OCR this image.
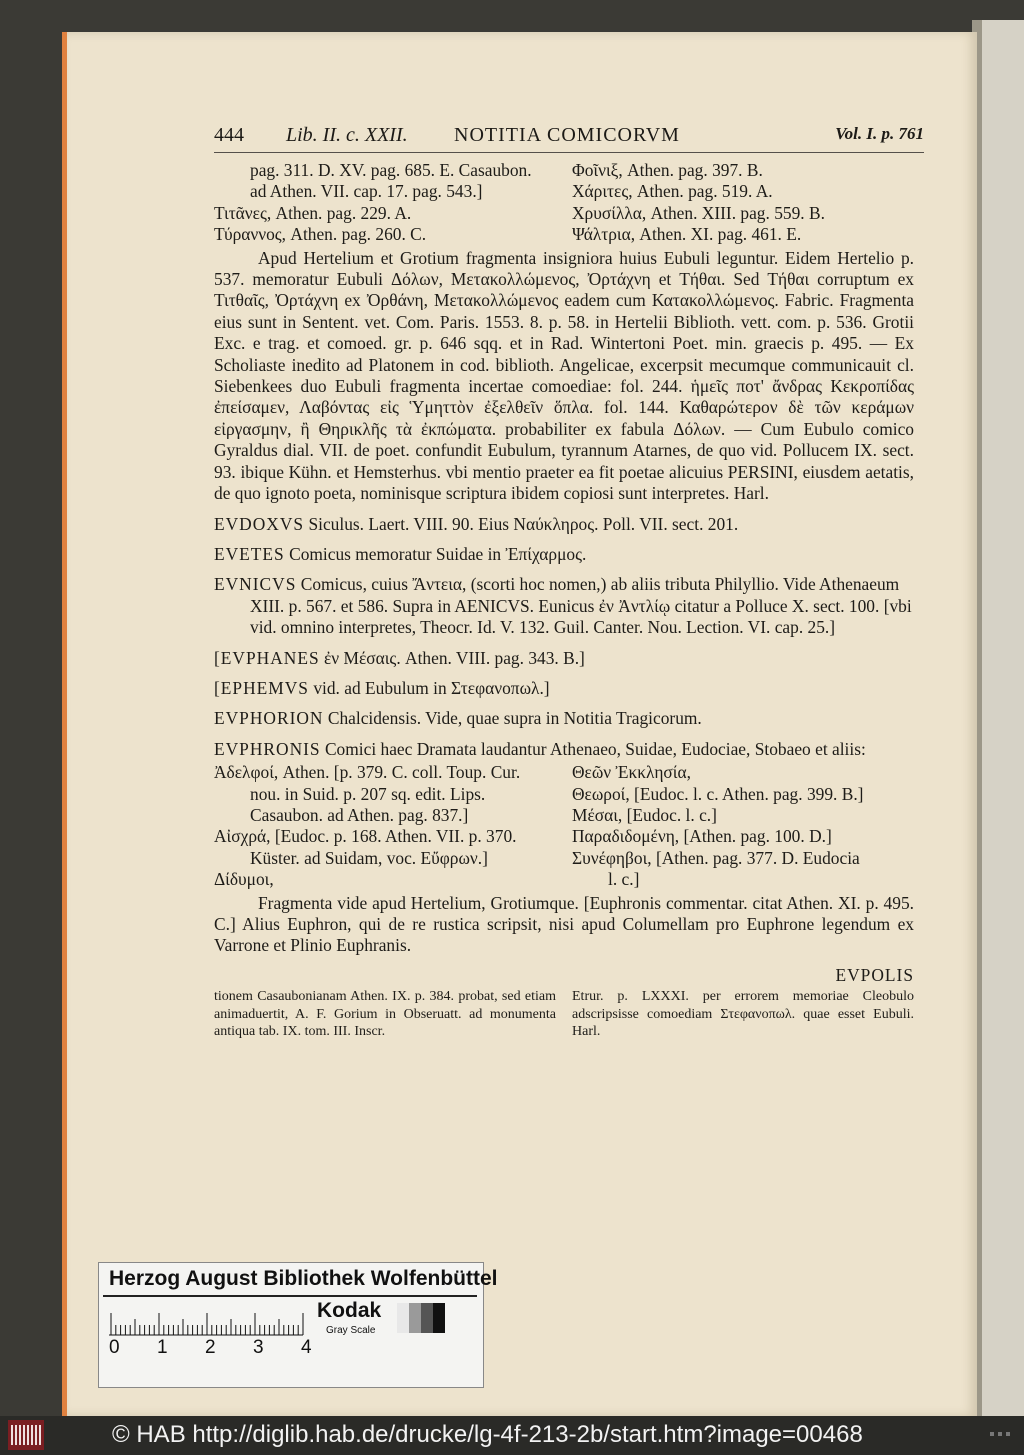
444 Lib. II. c. XXII. NOTITIA COMICORVM	Vol. I. p. 761
pag. 311. D. XV. pag. 685. E. Casaubon.
ad Athen. VII. cap. 17. pag. 543.]
Τιτᾶνες, Athen. pag. 229. A.
Τύραννος, Athen. pag. 260. C.
Φοῖνιξ, Athen. pag. 397. B.
Χάριτες, Athen. pag. 519. A.
Χρυσίλλα, Athen. XIII. pag. 559. B.
Ψάλτρια, Athen. XI. pag. 461. E.

Apud Hertelium et Grotium fragmenta insigniora huius Eubuli leguntur. Eidem Hertelio p. 537. memoratur Eubuli Δόλων, Μετακολλώμενος, Ὀρτάχνη et Τήθαι. Sed Τήθαι corruptum ex Τιτθαῖς, Ὀρτάχνη ex Ὀρθάνη, Μετακολλώμενος eadem cum Κατακολλώμενος. Fabric. Fragmenta eius sunt in Sentent. vet. Com. Paris. 1553. 8. p. 58. in Hertelii Biblioth. vett. com. p. 536. Grotii Exc. e trag. et comoed. gr. p. 646 sqq. et in Rad. Wintertoni Poet. min. graecis p. 495. — Ex Scholiaste inedito ad Platonem in cod. biblioth. Angelicae, excerpsit mecumque communicauit cl. Siebenkees duo Eubuli fragmenta incertae comoediae: fol. 244. ἡμεῖς ποτ' ἄνδρας Κεκροπίδας ἐπείσαμεν, Λαβόντας εἰς Ὑμηττὸν ἐξελθεῖν ὅπλα. fol. 144. Καθαρώτερον δὲ τῶν κεράμων εἰργασμην, ἢ Θηρικλῆς τὰ ἐκπώματα. probabiliter ex fabula Δόλων. — Cum Eubulo comico Gyraldus dial. VII. de poet. confundit Eubulum, tyrannum Atarnes, de quo vid. Pollucem IX. sect. 93. ibique Kühn. et Hemsterhus. vbi mentio praeter ea fit poetae alicuius PERSINI, eiusdem aetatis, de quo ignoto poeta, nominisque scriptura ibidem copiosi sunt interpretes. Harl.

EVDOXVS Siculus. Laert. VIII. 90. Eius Ναύκληρος. Poll. VII. sect. 201.
EVETES Comicus memoratur Suidae in Ἐπίχαρμος.
EVNICVS Comicus, cuius Ἄντεια, (scorti hoc nomen,) ab aliis tributa Philyllio. Vide Athenaeum XIII. p. 567. et 586. Supra in AENICVS. Eunicus ἐν Ἀντλίῳ citatur a Polluce X. sect. 100. [vbi vid. omnino interpretes, Theocr. Id. V. 132. Guil. Canter. Nou. Lection. VI. cap. 25.]
[EVPHANES ἐν Μέσαις. Athen. VIII. pag. 343. B.]
[EPHEMVS vid. ad Eubulum in Στεφανοπωλ.]
EVPHORION Chalcidensis. Vide, quae supra in Notitia Tragicorum.
EVPHRONIS Comici haec Dramata laudantur Athenaeo, Suidae, Eudociae, Stobaeo et aliis:
Ἀδελφοί, Athen. [p. 379. C. coll. Toup. Cur.
nou. in Suid. p. 207 sq. edit. Lips. Casaubon. ad Athen. pag. 837.]
Αἰσχρά, [Eudoc. p. 168. Athen. VII. p. 370.
Küster. ad Suidam, voc. Εὔφρων.]
Δίδυμοι,
Θεῶν Ἐκκλησία,
Θεωροί, [Eudoc. l. c. Athen. pag. 399. B.]
Μέσαι, [Eudoc. l. c.]
Παραδιδομένη, [Athen. pag. 100. D.]
Συνέφηβοι, [Athen. pag. 377. D. Eudocia
l. c.]

Fragmenta vide apud Hertelium, Grotiumque. [Euphronis commentar. citat Athen. XI. p. 495. C.] Alius Euphron, qui de re rustica scripsit, nisi apud Columellam pro Euphrone legendum ex Varrone et Plinio Euphranis.

EVPOLIS
tionem Casaubonianam Athen. IX. p. 384. probat, sed etiam animaduertit, A. F. Gorium in Obseruatt. ad monumenta antiqua tab. IX. tom. III. Inscr.
Etrur. p. LXXXI. per errorem memoriae Cleobulo adscripsisse comoediam Στεφανοπωλ. quae esset Eubuli. Harl.
Herzog August Bibliothek Wolfenbüttel
0 1 2 3 4
Kodak
Gray Scale
© HAB http://diglib.hab.de/drucke/lg-4f-213-2b/start.htm?image=00468
